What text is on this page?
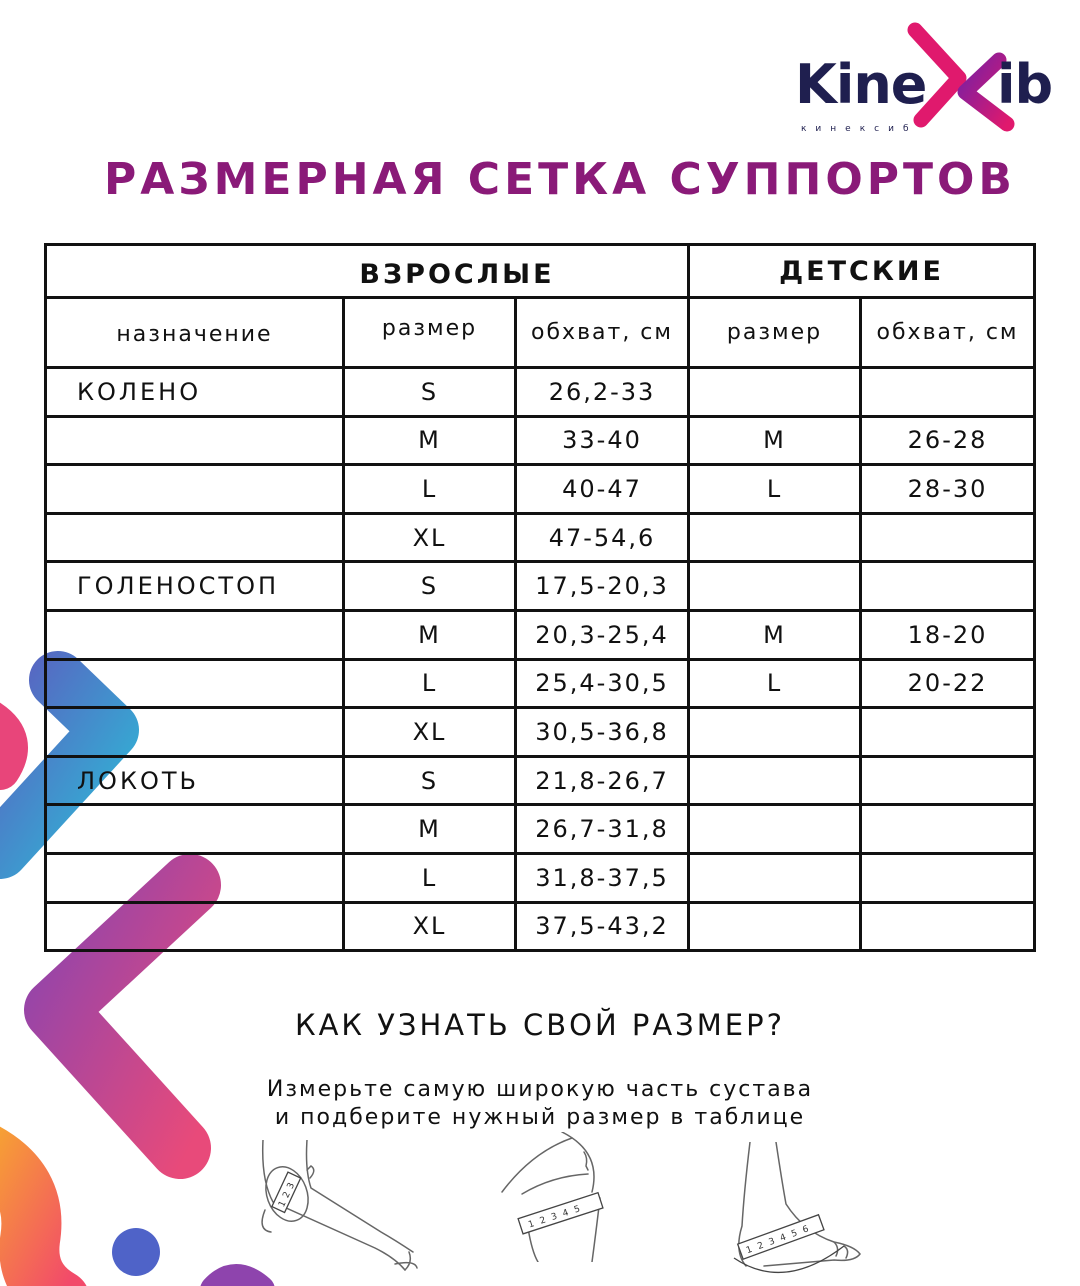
Kine ib
кинексиб
РАЗМЕРНАЯ СЕТКА СУППОРТОВ
ВЗРОСЛЫЕ			ДЕТСКИЕ	
назначение	размер	обхват, см	размер	обхват, см
КОЛЕНО	S	26,2-33		
	M	33-40	M	26-28
	L	40-47	L	28-30
	XL	47-54,6		
ГОЛЕНОСТОП	S	17,5-20,3		
	M	20,3-25,4	M	18-20
	L	25,4-30,5	L	20-22
	XL	30,5-36,8		
ЛОКОТЬ	S	21,8-26,7		
	M	26,7-31,8		
	L	31,8-37,5		
	XL	37,5-43,2		
КАК УЗНАТЬ СВОЙ РАЗМЕР?
Измерьте самую широкую часть сустава
и подберите нужный размер в таблице
1
2
3
1 2 3 4 5
1 2 3 4 5 6
